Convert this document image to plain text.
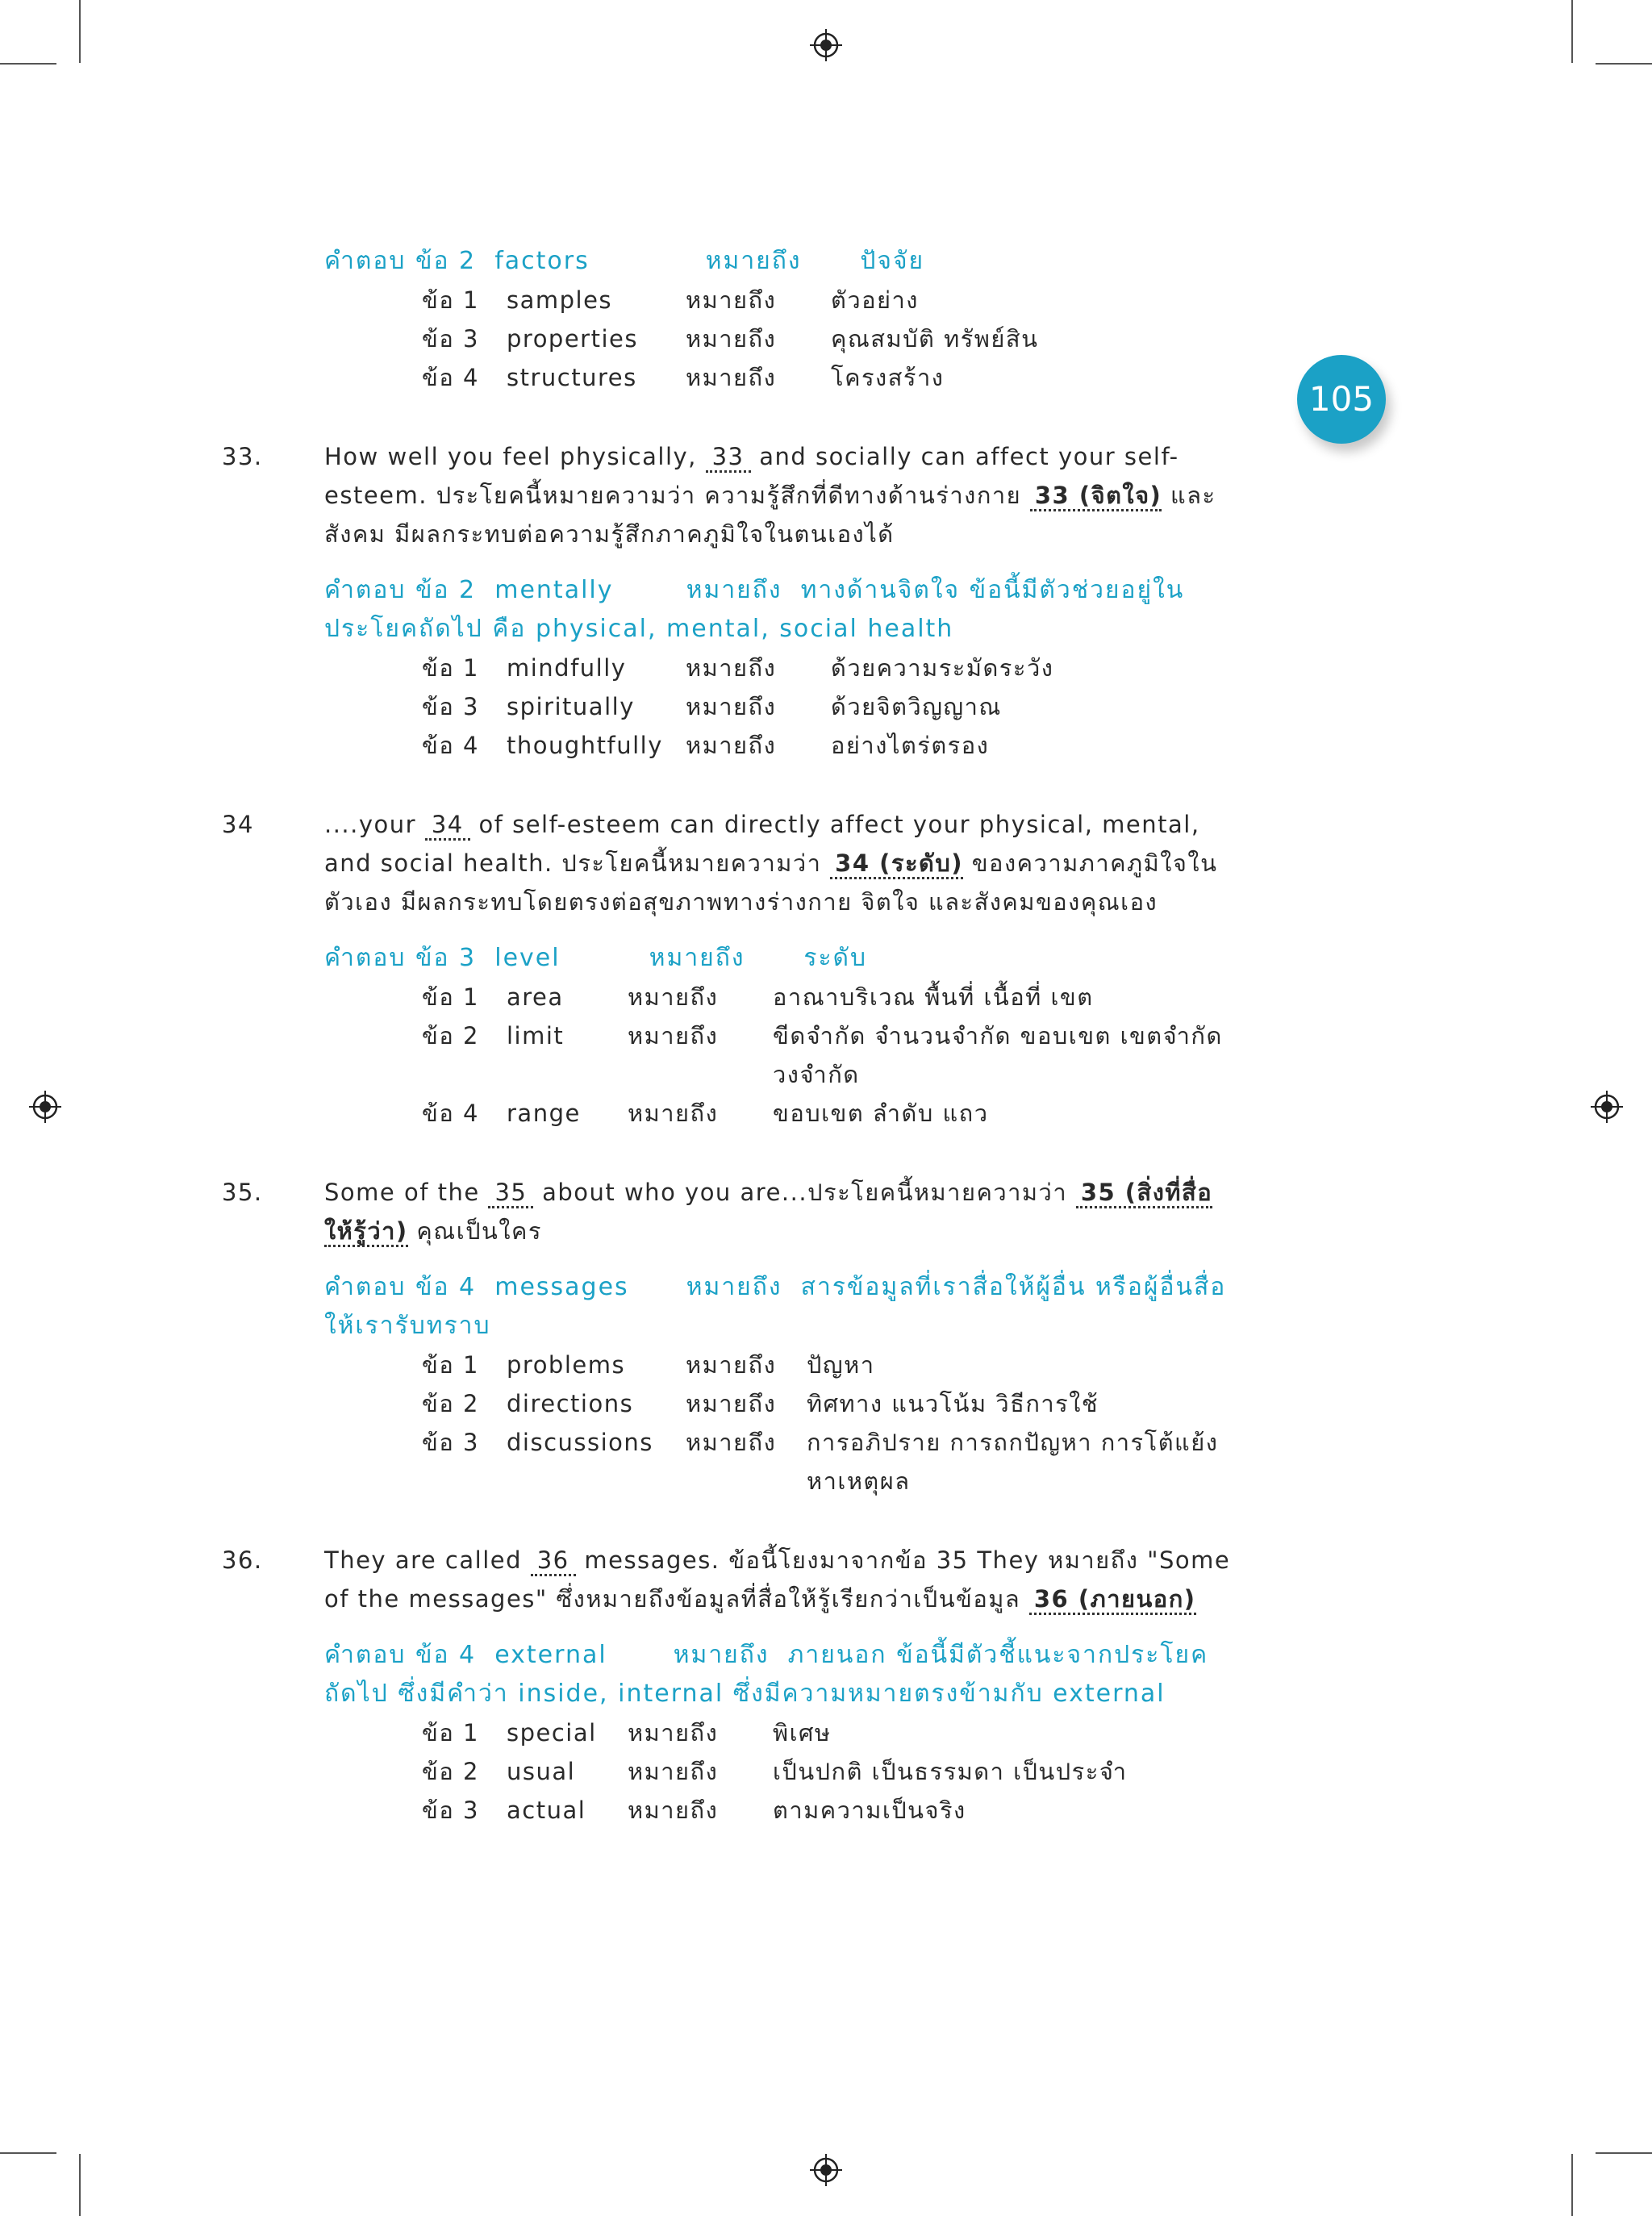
105
คำตอบ ข้อ 2 factors	หมายถึง ปัจจัย
ข้อ 1	samples	หมายถึง	ตัวอย่าง
ข้อ 3	properties	หมายถึง	คุณสมบัติ ทรัพย์สิน
ข้อ 4	structures	หมายถึง	โครงสร้าง
33.	How well you feel physically, 33 and socially can affect your self-esteem. ประโยคนี้หมายความว่า ความรู้สึกที่ดีทางด้านร่างกาย 33 (จิตใจ) และสังคม มีผลกระทบต่อความรู้สึกภาคภูมิใจในตนเองได้
คำตอบ ข้อ 2 mentally	หมายถึง ทางด้านจิตใจ ข้อนี้มีตัวช่วยอยู่ในประโยคถัดไป คือ physical, mental, social health
ข้อ 1	mindfully	หมายถึง	ด้วยความระมัดระวัง
ข้อ 3	spiritually	หมายถึง	ด้วยจิตวิญญาณ
ข้อ 4	thoughtfully หมายถึง	อย่างไตร่ตรอง
34	....your 34 of self-esteem can directly affect your physical, mental, and social health. ประโยคนี้หมายความว่า 34 (ระดับ) ของความภาคภูมิใจในตัวเอง มีผลกระทบโดยตรงต่อสุขภาพทางร่างกาย จิตใจ และสังคมของคุณเอง
คำตอบ ข้อ 3 level	หมายถึง ระดับ
ข้อ 1	area	หมายถึง	อาณาบริเวณ พื้นที่ เนื้อที่ เขต
ข้อ 2	limit	หมายถึง	ขีดจำกัด จำนวนจำกัด ขอบเขต เขตจำกัด วงจำกัด
ข้อ 4	range	หมายถึง	ขอบเขต ลำดับ แถว
35.	Some of the 35 about who you are...ประโยคนี้หมายความว่า 35 (สิ่งที่สื่อให้รู้ว่า) คุณเป็นใคร
คำตอบ ข้อ 4 messages หมายถึง สารข้อมูลที่เราสื่อให้ผู้อื่น หรือผู้อื่นสื่อให้เรารับทราบ
ข้อ 1	problems	หมายถึง	ปัญหา
ข้อ 2	directions	หมายถึง	ทิศทาง แนวโน้ม วิธีการใช้
ข้อ 3	discussions	หมายถึง	การอภิปราย การถกปัญหา การโต้แย้งหาเหตุผล
36.	They are called 36 messages. ข้อนี้โยงมาจากข้อ 35 They หมายถึง "Some of the messages" ซึ่งหมายถึงข้อมูลที่สื่อให้รู้เรียกว่าเป็นข้อมูล 36 (ภายนอก)
คำตอบ ข้อ 4 external	หมายถึง ภายนอก ข้อนี้มีตัวชี้แนะจากประโยคถัดไป ซึ่งมีคำว่า inside, internal ซึ่งมีความหมายตรงข้ามกับ external
ข้อ 1	special	หมายถึง	พิเศษ
ข้อ 2	usual	หมายถึง	เป็นปกติ เป็นธรรมดา เป็นประจำ
ข้อ 3	actual	หมายถึง	ตามความเป็นจริง
